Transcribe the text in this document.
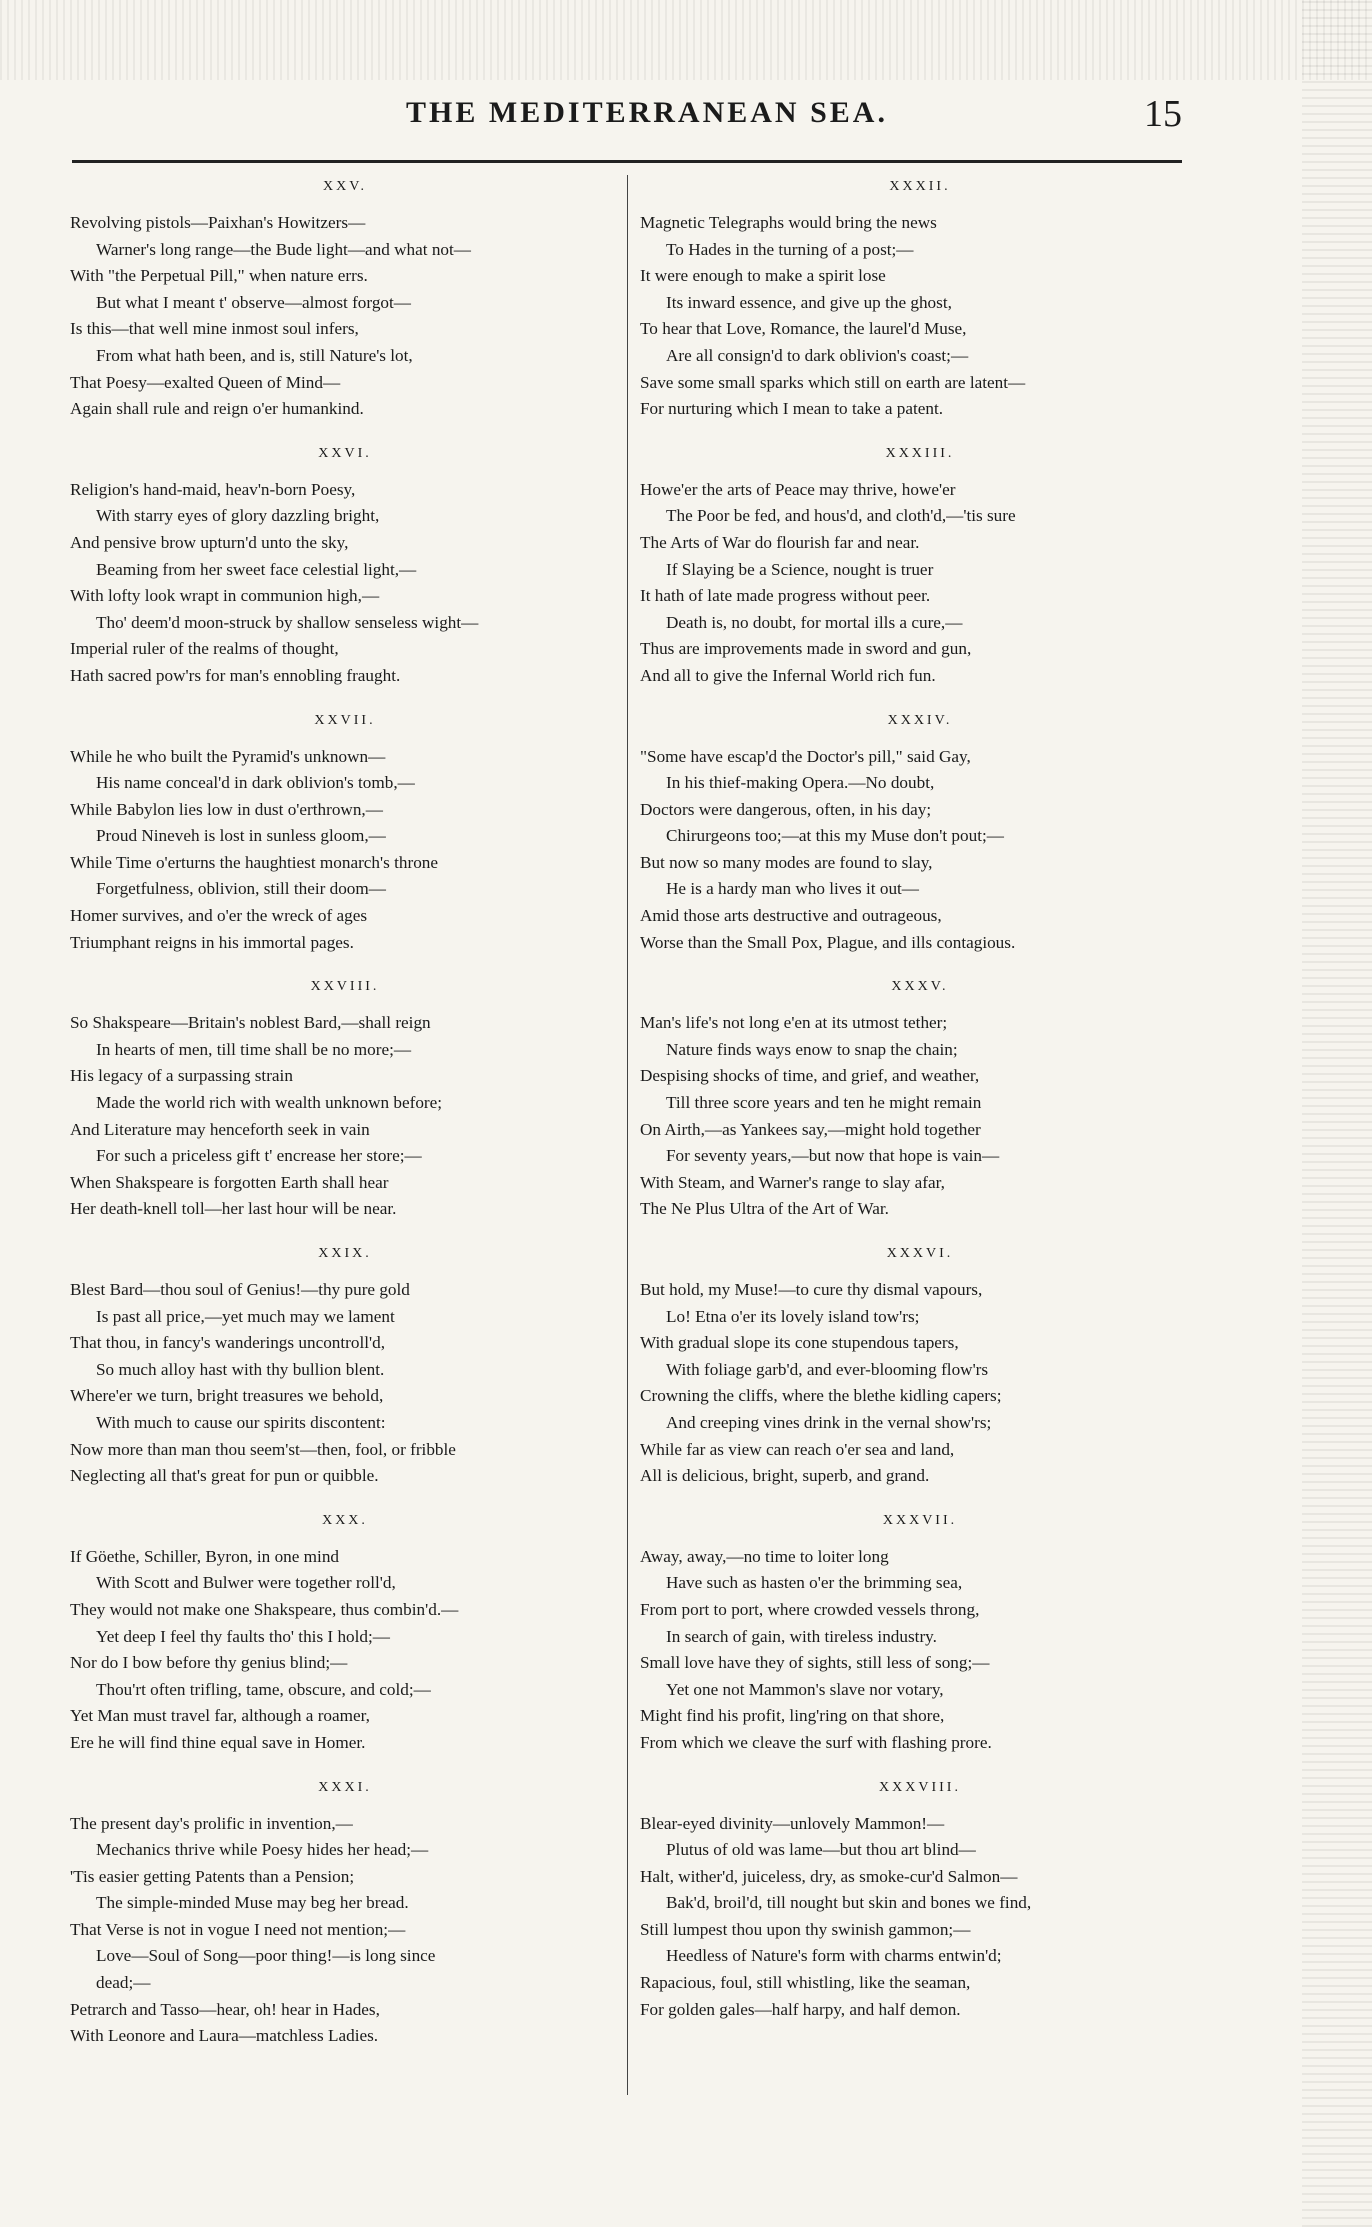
THE MEDITERRANEAN SEA.	15
XXV.
Revolving pistols—Paixhan's Howitzers—
Warner's long range—the Bude light—and what not—
With "the Perpetual Pill," when nature errs.
But what I meant t' observe—almost forgot—
Is this—that well mine inmost soul infers,
From what hath been, and is, still Nature's lot,
That Poesy—exalted Queen of Mind—
Again shall rule and reign o'er humankind.
XXVI.
Religion's hand-maid, heav'n-born Poesy,
With starry eyes of glory dazzling bright,
And pensive brow upturn'd unto the sky,
Beaming from her sweet face celestial light,—
With lofty look wrapt in communion high,—
Tho' deem'd moon-struck by shallow senseless wight—
Imperial ruler of the realms of thought,
Hath sacred pow'rs for man's ennobling fraught.
XXVII.
While he who built the Pyramid's unknown—
His name conceal'd in dark oblivion's tomb,—
While Babylon lies low in dust o'erthrown,—
Proud Nineveh is lost in sunless gloom,—
While Time o'erturns the haughtiest monarch's throne
Forgetfulness, oblivion, still their doom—
Homer survives, and o'er the wreck of ages
Triumphant reigns in his immortal pages.
XXVIII.
So Shakspeare—Britain's noblest Bard,—shall reign
In hearts of men, till time shall be no more;—
His legacy of a surpassing strain
Made the world rich with wealth unknown before;
And Literature may henceforth seek in vain
For such a priceless gift t' encrease her store;—
When Shakspeare is forgotten Earth shall hear
Her death-knell toll—her last hour will be near.
XXIX.
Blest Bard—thou soul of Genius!—thy pure gold
Is past all price,—yet much may we lament
That thou, in fancy's wanderings uncontroll'd,
So much alloy hast with thy bullion blent.
Where'er we turn, bright treasures we behold,
With much to cause our spirits discontent:
Now more than man thou seem'st—then, fool, or fribble
Neglecting all that's great for pun or quibble.
XXX.
If Göethe, Schiller, Byron, in one mind
With Scott and Bulwer were together roll'd,
They would not make one Shakspeare, thus combin'd.—
Yet deep I feel thy faults tho' this I hold;—
Nor do I bow before thy genius blind;—
Thou'rt often trifling, tame, obscure, and cold;—
Yet Man must travel far, although a roamer,
Ere he will find thine equal save in Homer.
XXXI.
The present day's prolific in invention,—
Mechanics thrive while Poesy hides her head;—
'Tis easier getting Patents than a Pension;
The simple-minded Muse may beg her bread.
That Verse is not in vogue I need not mention;—
Love—Soul of Song—poor thing!—is long since
dead;—
Petrarch and Tasso—hear, oh! hear in Hades,
With Leonore and Laura—matchless Ladies.
XXXII.
Magnetic Telegraphs would bring the news
To Hades in the turning of a post;—
It were enough to make a spirit lose
Its inward essence, and give up the ghost,
To hear that Love, Romance, the laurel'd Muse,
Are all consign'd to dark oblivion's coast;—
Save some small sparks which still on earth are latent—
For nurturing which I mean to take a patent.
XXXIII.
Howe'er the arts of Peace may thrive, howe'er
The Poor be fed, and hous'd, and cloth'd,—'tis sure
The Arts of War do flourish far and near.
If Slaying be a Science, nought is truer
It hath of late made progress without peer.
Death is, no doubt, for mortal ills a cure,—
Thus are improvements made in sword and gun,
And all to give the Infernal World rich fun.
XXXIV.
"Some have escap'd the Doctor's pill," said Gay,
In his thief-making Opera.—No doubt,
Doctors were dangerous, often, in his day;
Chirurgeons too;—at this my Muse don't pout;—
But now so many modes are found to slay,
He is a hardy man who lives it out—
Amid those arts destructive and outrageous,
Worse than the Small Pox, Plague, and ills contagious.
XXXV.
Man's life's not long e'en at its utmost tether;
Nature finds ways enow to snap the chain;
Despising shocks of time, and grief, and weather,
Till three score years and ten he might remain
On Airth,—as Yankees say,—might hold together
For seventy years,—but now that hope is vain—
With Steam, and Warner's range to slay afar,
The Ne Plus Ultra of the Art of War.
XXXVI.
But hold, my Muse!—to cure thy dismal vapours,
Lo! Etna o'er its lovely island tow'rs;
With gradual slope its cone stupendous tapers,
With foliage garb'd, and ever-blooming flow'rs
Crowning the cliffs, where the blethe kidling capers;
And creeping vines drink in the vernal show'rs;
While far as view can reach o'er sea and land,
All is delicious, bright, superb, and grand.
XXXVII.
Away, away,—no time to loiter long
Have such as hasten o'er the brimming sea,
From port to port, where crowded vessels throng,
In search of gain, with tireless industry.
Small love have they of sights, still less of song;—
Yet one not Mammon's slave nor votary,
Might find his profit, ling'ring on that shore,
From which we cleave the surf with flashing prore.
XXXVIII.
Blear-eyed divinity—unlovely Mammon!—
Plutus of old was lame—but thou art blind—
Halt, wither'd, juiceless, dry, as smoke-cur'd Salmon—
Bak'd, broil'd, till nought but skin and bones we find,
Still lumpest thou upon thy swinish gammon;—
Heedless of Nature's form with charms entwin'd;
Rapacious, foul, still whistling, like the seaman,
For golden gales—half harpy, and half demon.
